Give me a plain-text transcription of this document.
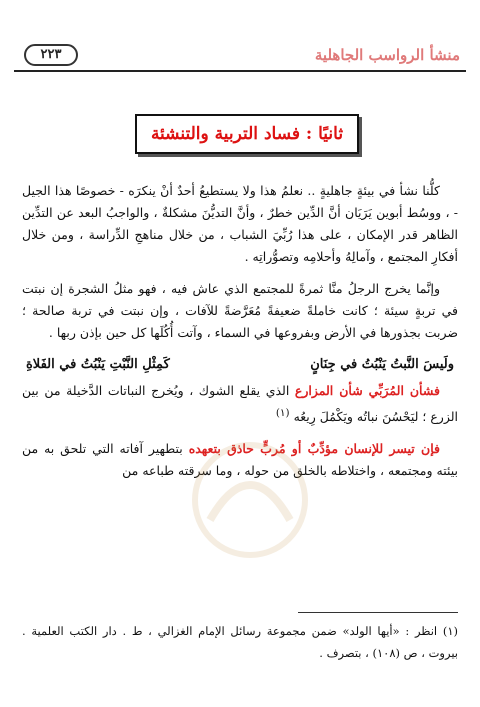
منشأ الرواسب الجاهلية
٢٢٣
ثانيًا : فساد التربية والتنشئة

كلُّنا نشأ في بيئةٍ جاهليةٍ .. نعلمُ هذا ولا يستطيعُ أحدٌ أنْ ينكرَه - خصوصًا هذا الجيل - ، ووسُط أبوين يَرَيَان أنَّ الدِّين خطرٌ ، وأنَّ التديُّنَ مشكلةٌ ، والواجبُ البعد عن التدِّين الظاهر قدر الإمكان ، على هذا رُبِّيَ الشباب ، من خلال مناهجِ الدِّراسة ، ومن خلال أفكارِ المجتمع ، وآمالِهُ وأحلامِه وتصوُّراتِه .

وإنَّما يخرج الرجلُ منَّا ثمرةً للمجتمع الذي عاش فيه ، فهو مثلُ الشجرة إن نبتت في تربةٍ سيئة ؛ كانت خاملةً ضعيفةً مُعَرَّضةً للآفات ، وإن نبتت في تربة صالحة ؛ ضربت بجذورها في الأرض وبفروعها في السماء ، وآتت أُكُلَها كل حين بإذن ربها .

ولَيسَ النَّبتُ يَنْبُتُ في جِنَانٍ
كَمِثْلِ النَّبْتِ يَنْبُتُ في الفَلاةِ

فشأن المُرَبِّي شأن المزارع الذي يقلع الشوك ، ويُخرج النباتات الدَّخيلة من بين الزرع ؛ ليَحْسُنَ نباتُه ويَكْمُلَ رِيعُه $^{(١)}$

فإن تيسر للإنسان مؤدِّبٌ أو مُربٍّ حاذق بتعهده بتطهير آفاته التي تلحق به من بيئته ومجتمعه ، واختلاطه بالخلق من حوله ، وما سرقته طباعه من

(١) انظر : «أيها الولد» ضمن مجموعة رسائل الإمام الغزالي ، ط . دار الكتب العلمية . بيروت ، ص (١٠٨) ، بتصرف .
